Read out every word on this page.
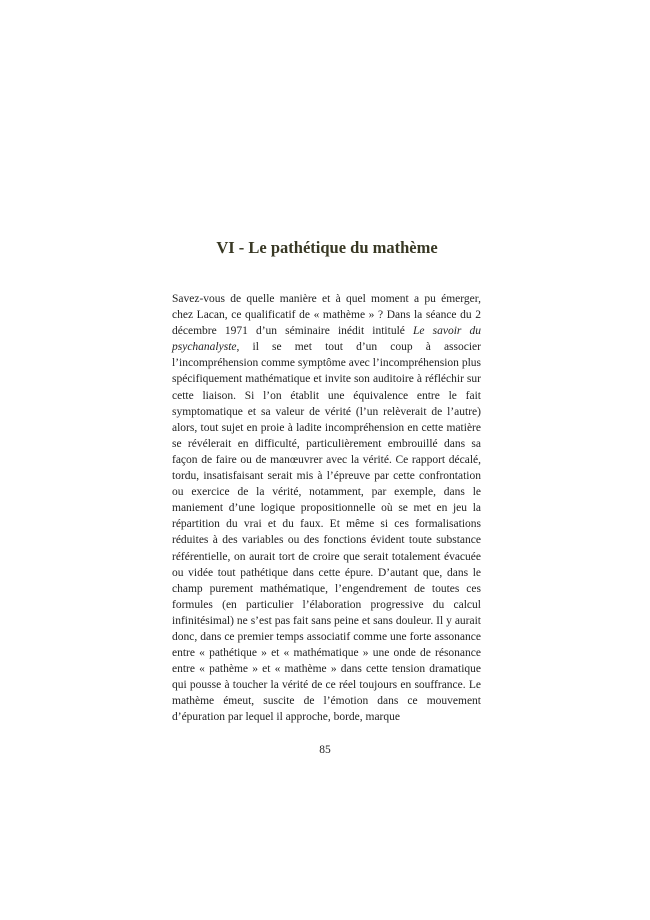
VI - Le pathétique du mathème

Savez-vous de quelle manière et à quel moment a pu émerger, chez Lacan, ce qualificatif de « mathème » ? Dans la séance du 2 décembre 1971 d’un séminaire inédit intitulé Le savoir du psychanalyste, il se met tout d’un coup à associer l’incompréhension comme symptôme avec l’incompréhension plus spécifiquement mathématique et invite son auditoire à réfléchir sur cette liaison. Si l’on établit une équivalence entre le fait symptomatique et sa valeur de vérité (l’un relèverait de l’autre) alors, tout sujet en proie à ladite incompréhension en cette matière se révélerait en difficulté, particulièrement embrouillé dans sa façon de faire ou de manœuvrer avec la vérité. Ce rapport décalé, tordu, insatisfaisant serait mis à l’épreuve par cette confrontation ou exercice de la vérité, notamment, par exemple, dans le maniement d’une logique propositionnelle où se met en jeu la répartition du vrai et du faux. Et même si ces formalisations réduites à des variables ou des fonctions évident toute substance référentielle, on aurait tort de croire que serait totalement évacuée ou vidée tout pathétique dans cette épure. D’autant que, dans le champ purement mathématique, l’engendrement de toutes ces formules (en particulier l’élaboration progressive du calcul infinitésimal) ne s’est pas fait sans peine et sans douleur. Il y aurait donc, dans ce premier temps associatif comme une forte assonance entre « pathétique » et « mathématique » une onde de résonance entre « pathème » et « mathème » dans cette tension dramatique qui pousse à toucher la vérité de ce réel toujours en souffrance. Le mathème émeut, suscite de l’émotion dans ce mouvement d’épuration par lequel il approche, borde, marque

85
